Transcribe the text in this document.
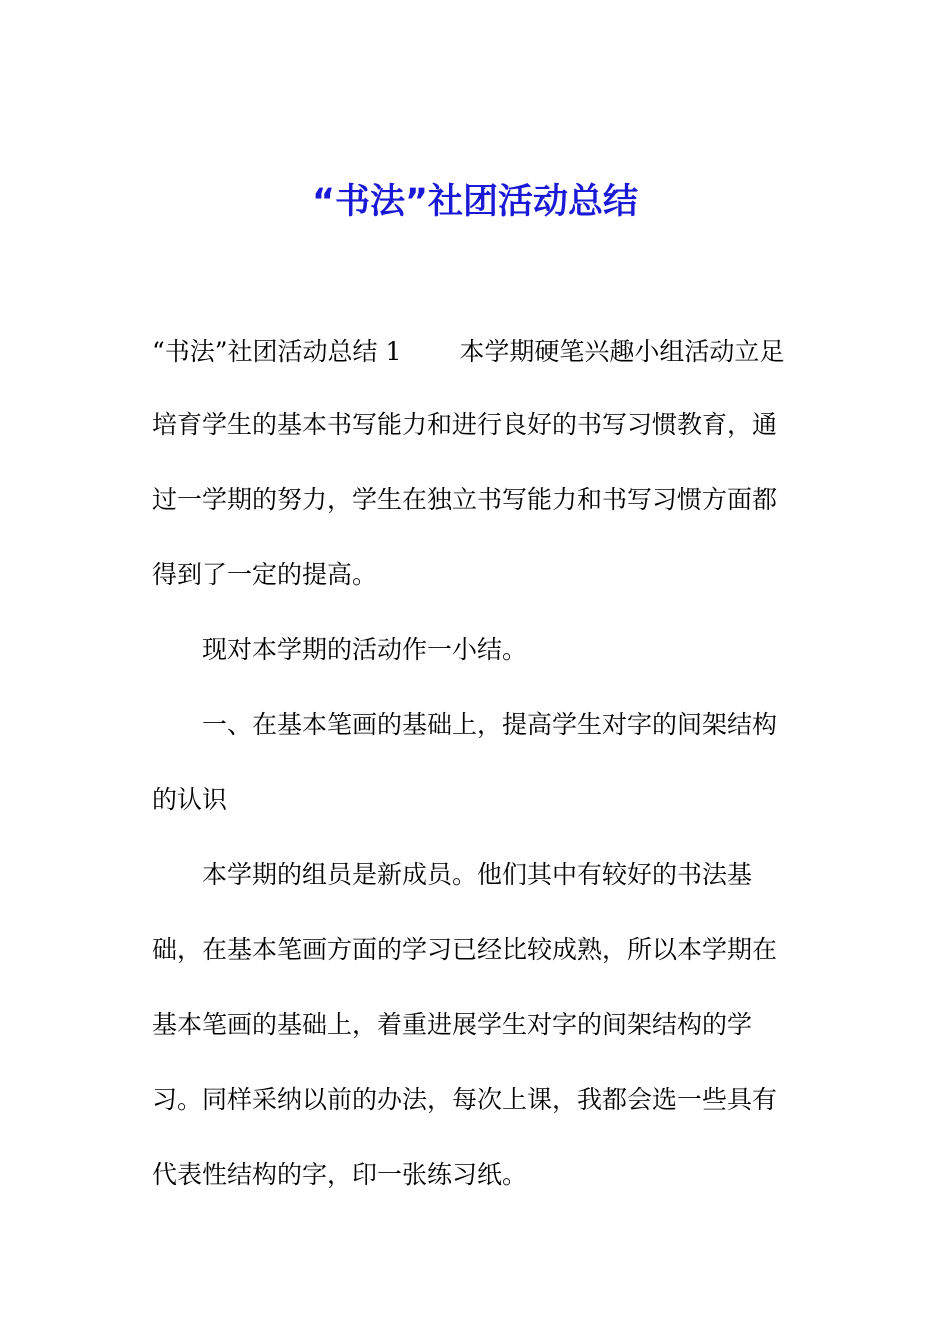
“书法”社团活动总结

“书法”社团活动总结 1 本学期硬笔兴趣小组活动立足

培育学生的基本书写能力和进行良好的书写习惯教育，通

过一学期的努力，学生在独立书写能力和书写习惯方面都

得到了一定的提高。

现对本学期的活动作一小结。

一、在基本笔画的基础上，提高学生对字的间架结构

的认识

本学期的组员是新成员。他们其中有较好的书法基

础，在基本笔画方面的学习已经比较成熟，所以本学期在

基本笔画的基础上，着重进展学生对字的间架结构的学

习。同样采纳以前的办法，每次上课，我都会选一些具有

代表性结构的字，印一张练习纸。
